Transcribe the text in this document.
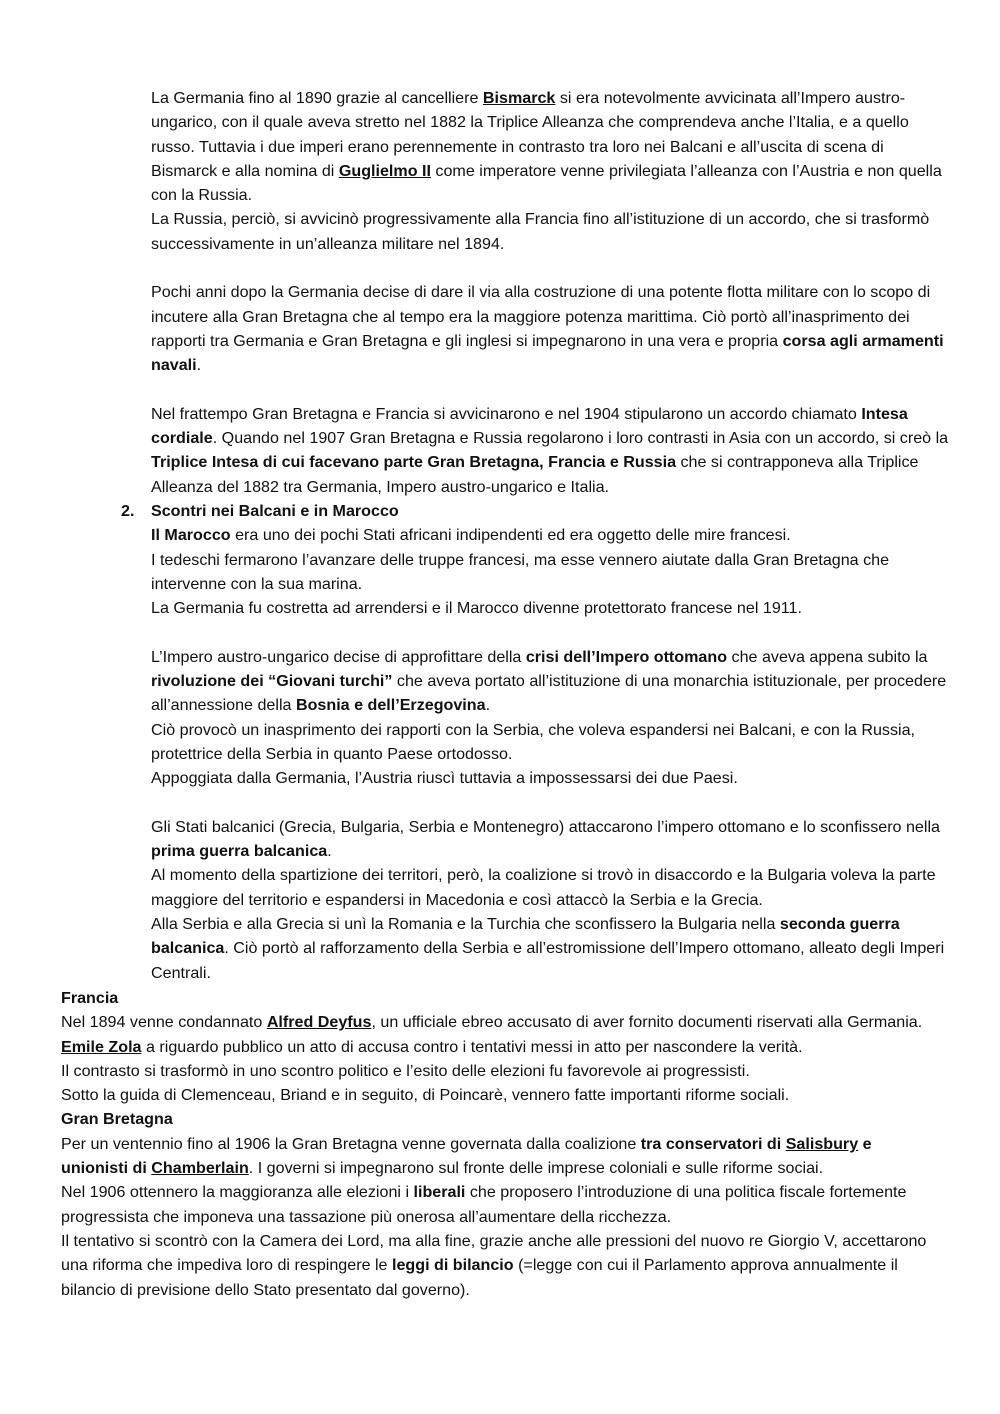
La Germania fino al 1890 grazie al cancelliere Bismarck si era notevolmente avvicinata all’Impero austro-ungarico, con il quale aveva stretto nel 1882 la Triplice Alleanza che comprendeva anche l’Italia, e a quello russo. Tuttavia i due imperi erano perennemente in contrasto tra loro nei Balcani e all’uscita di scena di Bismarck e alla nomina di Guglielmo II come imperatore venne privilegiata l’alleanza con l’Austria e non quella con la Russia.

La Russia, perciò, si avvicinò progressivamente alla Francia fino all’istituzione di un accordo, che si trasformò successivamente in un’alleanza militare nel 1894.

Pochi anni dopo la Germania decise di dare il via alla costruzione di una potente flotta militare con lo scopo di incutere alla Gran Bretagna che al tempo era la maggiore potenza marittima. Ciò portò all’inasprimento dei rapporti tra Germania e Gran Bretagna e gli inglesi si impegnarono in una vera e propria corsa agli armamenti navali.

Nel frattempo Gran Bretagna e Francia si avvicinarono e nel 1904 stipularono un accordo chiamato Intesa cordiale. Quando nel 1907 Gran Bretagna e Russia regolarono i loro contrasti in Asia con un accordo, si creò la Triplice Intesa di cui facevano parte Gran Bretagna, Francia e Russia che si contrapponeva alla Triplice Alleanza del 1882 tra Germania, Impero austro-ungarico e Italia.

2. Scontri nei Balcani e in Marocco

Il Marocco era uno dei pochi Stati africani indipendenti ed era oggetto delle mire francesi.

I tedeschi fermarono l’avanzare delle truppe francesi, ma esse vennero aiutate dalla Gran Bretagna che intervenne con la sua marina.

La Germania fu costretta ad arrendersi e il Marocco divenne protettorato francese nel 1911.

L’Impero austro-ungarico decise di approfittare della crisi dell’Impero ottomano che aveva appena subito la rivoluzione dei “Giovani turchi” che aveva portato all’istituzione di una monarchia istituzionale, per procedere all’annessione della Bosnia e dell’Erzegovina.

Ciò provocò un inasprimento dei rapporti con la Serbia, che voleva espandersi nei Balcani, e con la Russia, protettrice della Serbia in quanto Paese ortodosso.

Appoggiata dalla Germania, l’Austria riuscì tuttavia a impossessarsi dei due Paesi.

Gli Stati balcanici (Grecia, Bulgaria, Serbia e Montenegro) attaccarono l’impero ottomano e lo sconfissero nella prima guerra balcanica.

Al momento della spartizione dei territori, però, la coalizione si trovò in disaccordo e la Bulgaria voleva la parte maggiore del territorio e espandersi in Macedonia e così attaccò la Serbia e la Grecia.

Alla Serbia e alla Grecia si unì la Romania e la Turchia che sconfissero la Bulgaria nella seconda guerra balcanica. Ciò portò al rafforzamento della Serbia e all’estromissione dell’Impero ottomano, alleato degli Imperi Centrali.

Francia

Nel 1894 venne condannato Alfred Deyfus, un ufficiale ebreo accusato di aver fornito documenti riservati alla Germania. Emile Zola a riguardo pubblico un atto di accusa contro i tentativi messi in atto per nascondere la verità.

Il contrasto si trasformò in uno scontro politico e l’esito delle elezioni fu favorevole ai progressisti.

Sotto la guida di Clemenceau, Briand e in seguito, di Poincarè, vennero fatte importanti riforme sociali.

Gran Bretagna

Per un ventennio fino al 1906 la Gran Bretagna venne governata dalla coalizione tra conservatori di Salisbury e unionisti di Chamberlain. I governi si impegnarono sul fronte delle imprese coloniali e sulle riforme sociai.

Nel 1906 ottennero la maggioranza alle elezioni i liberali che proposero l’introduzione di una politica fiscale fortemente progressista che imponeva una tassazione più onerosa all’aumentare della ricchezza.

Il tentativo si scontrò con la Camera dei Lord, ma alla fine, grazie anche alle pressioni del nuovo re Giorgio V, accettarono una riforma che impediva loro di respingere le leggi di bilancio (=legge con cui il Parlamento approva annualmente il bilancio di previsione dello Stato presentato dal governo).
